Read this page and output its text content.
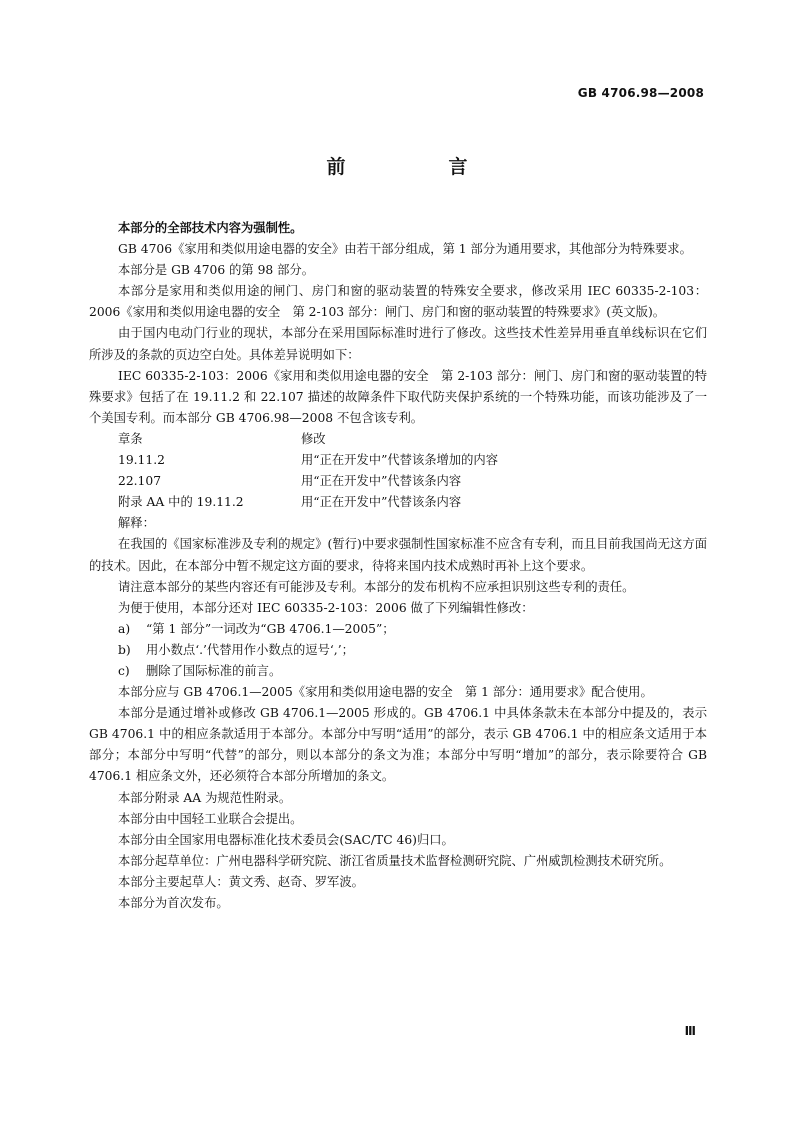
GB 4706.98—2008
前　言

本部分的全部技术内容为强制性。

GB 4706《家用和类似用途电器的安全》由若干部分组成，第 1 部分为通用要求，其他部分为特殊要求。

本部分是 GB 4706 的第 98 部分。

本部分是家用和类似用途的闸门、房门和窗的驱动装置的特殊安全要求，修改采用 IEC 60335-2-103：2006《家用和类似用途电器的安全　第 2-103 部分：闸门、房门和窗的驱动装置的特殊要求》(英文版)。

由于国内电动门行业的现状，本部分在采用国际标准时进行了修改。这些技术性差异用垂直单线标识在它们所涉及的条款的页边空白处。具体差异说明如下：

IEC 60335-2-103：2006《家用和类似用途电器的安全　第 2-103 部分：闸门、房门和窗的驱动装置的特殊要求》包括了在 19.11.2 和 22.107 描述的故障条件下取代防夹保护系统的一个特殊功能，而该功能涉及了一个美国专利。而本部分 GB 4706.98—2008 不包含该专利。

章条	修改
19.11.2	用“正在开发中”代替该条增加的内容
22.107	用“正在开发中”代替该条内容
附录 AA 中的 19.11.2	用“正在开发中”代替该条内容

解释：

在我国的《国家标准涉及专利的规定》(暂行)中要求强制性国家标准不应含有专利，而且目前我国尚无这方面的技术。因此，在本部分中暂不规定这方面的要求，待将来国内技术成熟时再补上这个要求。

请注意本部分的某些内容还有可能涉及专利。本部分的发布机构不应承担识别这些专利的责任。

为便于使用，本部分还对 IEC 60335-2-103：2006 做了下列编辑性修改：

a)	“第 1 部分”一词改为“GB 4706.1—2005”；
b)	用小数点‘.’代替用作小数点的逗号‘,’；
c)	删除了国际标准的前言。

本部分应与 GB 4706.1—2005《家用和类似用途电器的安全　第 1 部分：通用要求》配合使用。

本部分是通过增补或修改 GB 4706.1—2005 形成的。GB 4706.1 中具体条款未在本部分中提及的，表示 GB 4706.1 中的相应条款适用于本部分。本部分中写明“适用”的部分，表示 GB 4706.1 中的相应条文适用于本部分；本部分中写明“代替”的部分，则以本部分的条文为准；本部分中写明“增加”的部分，表示除要符合 GB 4706.1 相应条文外，还必须符合本部分所增加的条文。

本部分附录 AA 为规范性附录。

本部分由中国轻工业联合会提出。

本部分由全国家用电器标准化技术委员会(SAC/TC 46)归口。

本部分起草单位：广州电器科学研究院、浙江省质量技术监督检测研究院、广州威凯检测技术研究所。

本部分主要起草人：黄文秀、赵奇、罗军波。

本部分为首次发布。

Ⅲ
